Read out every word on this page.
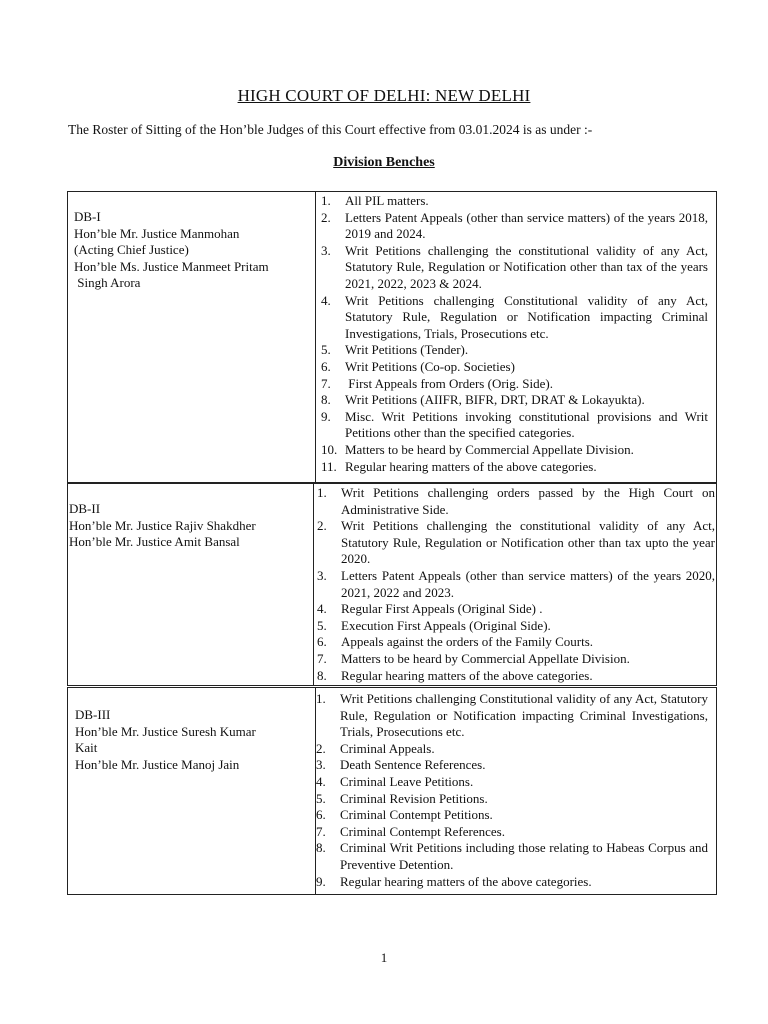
HIGH COURT OF DELHI: NEW DELHI
The Roster of Sitting of the Hon’ble Judges of this Court effective from 03.01.2024 is as under :-
Division Benches
DB-I
Hon’ble Mr. Justice Manmohan
(Acting Chief Justice)
Hon’ble Ms. Justice Manmeet Pritam
Singh Arora
1. All PIL matters.
2. Letters Patent Appeals (other than service matters) of the years 2018, 2019 and 2024.
3. Writ Petitions challenging the constitutional validity of any Act, Statutory Rule, Regulation or Notification other than tax of the years 2021, 2022, 2023 & 2024.
4. Writ Petitions challenging Constitutional validity of any Act, Statutory Rule, Regulation or Notification impacting Criminal Investigations, Trials, Prosecutions etc.
5. Writ Petitions (Tender).
6. Writ Petitions (Co-op. Societies)
7. First Appeals from Orders (Orig. Side).
8. Writ Petitions (AIIFR, BIFR, DRT, DRAT & Lokayukta).
9. Misc. Writ Petitions invoking constitutional provisions and Writ Petitions other than the specified categories.
10. Matters to be heard by Commercial Appellate Division.
11. Regular hearing matters of the above categories.
DB-II
Hon’ble Mr. Justice Rajiv Shakdher
Hon’ble Mr. Justice Amit Bansal
1. Writ Petitions challenging orders passed by the High Court on Administrative Side.
2. Writ Petitions challenging the constitutional validity of any Act, Statutory Rule, Regulation or Notification other than tax upto the year 2020.
3. Letters Patent Appeals (other than service matters) of the years 2020, 2021, 2022 and 2023.
4. Regular First Appeals (Original Side) .
5. Execution First Appeals (Original Side).
6. Appeals against the orders of the Family Courts.
7. Matters to be heard by Commercial Appellate Division.
8. Regular hearing matters of the above categories.
DB-III
Hon’ble Mr. Justice Suresh Kumar
Kait
Hon’ble Mr. Justice Manoj Jain
1. Writ Petitions challenging Constitutional validity of any Act, Statutory Rule, Regulation or Notification impacting Criminal Investigations, Trials, Prosecutions etc.
2. Criminal Appeals.
3. Death Sentence References.
4. Criminal Leave Petitions.
5. Criminal Revision Petitions.
6. Criminal Contempt Petitions.
7. Criminal Contempt References.
8. Criminal Writ Petitions including those relating to Habeas Corpus and Preventive Detention.
9. Regular hearing matters of the above categories.
1
